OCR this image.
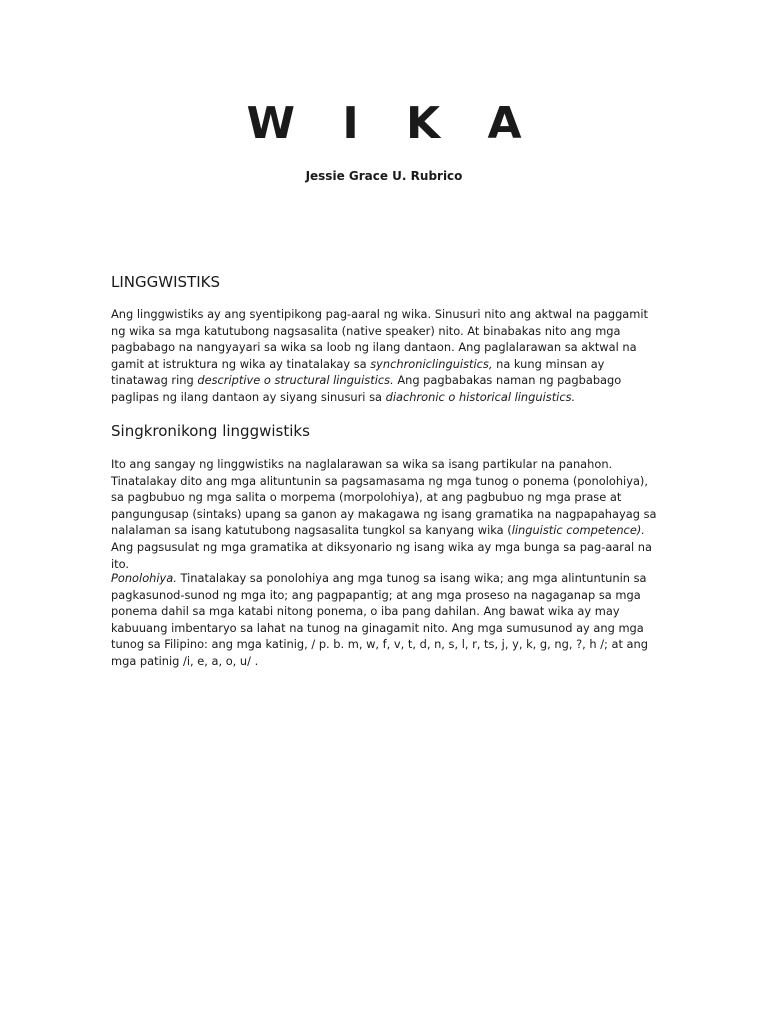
W I K A
Jessie Grace U. Rubrico
LINGGWISTIKS

Ang linggwistiks ay ang syentipikong pag-aaral ng wika. Sinusuri nito ang aktwal na paggamit ng wika sa mga katutubong nagsasalita (native speaker) nito. At binabakas nito ang mga pagbabago na nangyayari sa wika sa loob ng ilang dantaon. Ang paglalarawan sa aktwal na gamit at istruktura ng wika ay tinatalakay sa synchroniclinguistics, na kung minsan ay tinatawag ring descriptive o structural linguistics. Ang pagbabakas naman ng pagbabago paglipas ng ilang dantaon ay siyang sinusuri sa diachronic o historical linguistics.

Singkronikong linggwistiks

Ito ang sangay ng linggwistiks na naglalarawan sa wika sa isang partikular na panahon. Tinatalakay dito ang mga alituntunin sa pagsamasama ng mga tunog o ponema (ponolohiya), sa pagbubuo ng mga salita o morpema (morpolohiya), at ang pagbubuo ng mga prase at pangungusap (sintaks) upang sa ganon ay makagawa ng isang gramatika na nagpapahayag sa nalalaman sa isang katutubong nagsasalita tungkol sa kanyang wika (linguistic competence). Ang pagsusulat ng mga gramatika at diksyonario ng isang wika ay mga bunga sa pag-aaral na ito.

Ponolohiya. Tinatalakay sa ponolohiya ang mga tunog sa isang wika; ang mga alintuntunin sa pagkasunod-sunod ng mga ito; ang pagpapantig; at ang mga proseso na nagaganap sa mga ponema dahil sa mga katabi nitong ponema, o iba pang dahilan. Ang bawat wika ay may kabuuang imbentaryo sa lahat na tunog na ginagamit nito. Ang mga sumusunod ay ang mga tunog sa Filipino: ang mga katinig, / p. b. m, w, f, v, t, d, n, s, l, r, ts, j, y, k, g, ng, ?, h /; at ang mga patinig /i, e, a, o, u/ .
